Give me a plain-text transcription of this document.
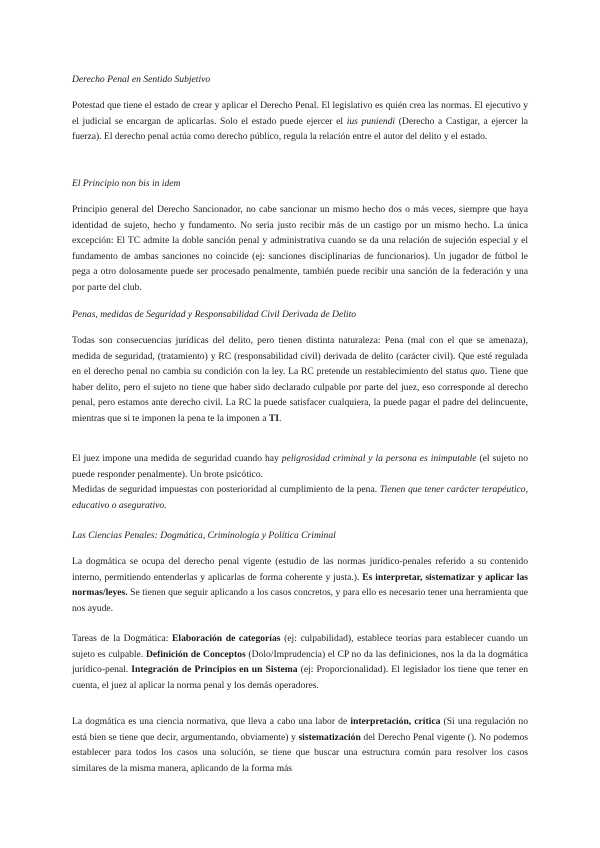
Derecho Penal en Sentido Subjetivo

Potestad que tiene el estado de crear y aplicar el Derecho Penal. El legislativo es quién crea las normas. El ejecutivo y el judicial se encargan de aplicarlas. Solo el estado puede ejercer el ius puniendi (Derecho a Castigar, a ejercer la fuerza). El derecho penal actúa como derecho público, regula la relación entre el autor del delito y el estado.

El Principio non bis in idem

Principio general del Derecho Sancionador, no cabe sancionar un mismo hecho dos o más veces, siempre que haya identidad de sujeto, hecho y fundamento. No sería justo recibir más de un castigo por un mismo hecho. La única excepción: El TC admite la doble sanción penal y administrativa cuando se da una relación de sujeción especial y el fundamento de ambas sanciones no coincide (ej: sanciones disciplinarias de funcionarios). Un jugador de fútbol le pega a otro dolosamente puede ser procesado penalmente, también puede recibir una sanción de la federación y una por parte del club.

Penas, medidas de Seguridad y Responsabilidad Civil Derivada de Delito

Todas son consecuencias jurídicas del delito, pero tienen distinta naturaleza: Pena (mal con el que se amenaza), medida de seguridad, (tratamiento) y RC (responsabilidad civil) derivada de delito (carácter civil). Que esté regulada en el derecho penal no cambia su condición con la ley. La RC pretende un restablecimiento del status quo. Tiene que haber delito, pero el sujeto no tiene que haber sido declarado culpable por parte del juez, eso corresponde al derecho penal, pero estamos ante derecho civil. La RC la puede satisfacer cualquiera, la puede pagar el padre del delincuente, mientras que si te imponen la pena te la imponen a TI.

El juez impone una medida de seguridad cuando hay peligrosidad criminal y la persona es inimputable (el sujeto no puede responder penalmente). Un brote psicótico.
Medidas de seguridad impuestas con posterioridad al cumplimiento de la pena. Tienen que tener carácter terapéutico, educativo o asegurativo.

Las Ciencias Penales: Dogmática, Criminología y Política Criminal

La dogmática se ocupa del derecho penal vigente (estudio de las normas jurídico-penales referido a su contenido interno, permitiendo entenderlas y aplicarlas de forma coherente y justa.). Es interpretar, sistematizar y aplicar las normas/leyes. Se tienen que seguir aplicando a los casos concretos, y para ello es necesario tener una herramienta que nos ayude.

Tareas de la Dogmática: Elaboración de categorías (ej: culpabilidad), establece teorías para establecer cuando un sujeto es culpable. Definición de Conceptos (Dolo/Imprudencia) el CP no da las definiciones, nos la da la dogmática jurídico-penal. Integración de Principios en un Sistema (ej: Proporcionalidad). El legislador los tiene que tener en cuenta, el juez al aplicar la norma penal y los demás operadores.

La dogmática es una ciencia normativa, que lleva a cabo una labor de interpretación, crítica (Si una regulación no está bien se tiene que decir, argumentando, obviamente) y sistematización del Derecho Penal vigente (). No podemos establecer para todos los casos una solución, se tiene que buscar una estructura común para resolver los casos similares de la misma manera, aplicando de la forma más
